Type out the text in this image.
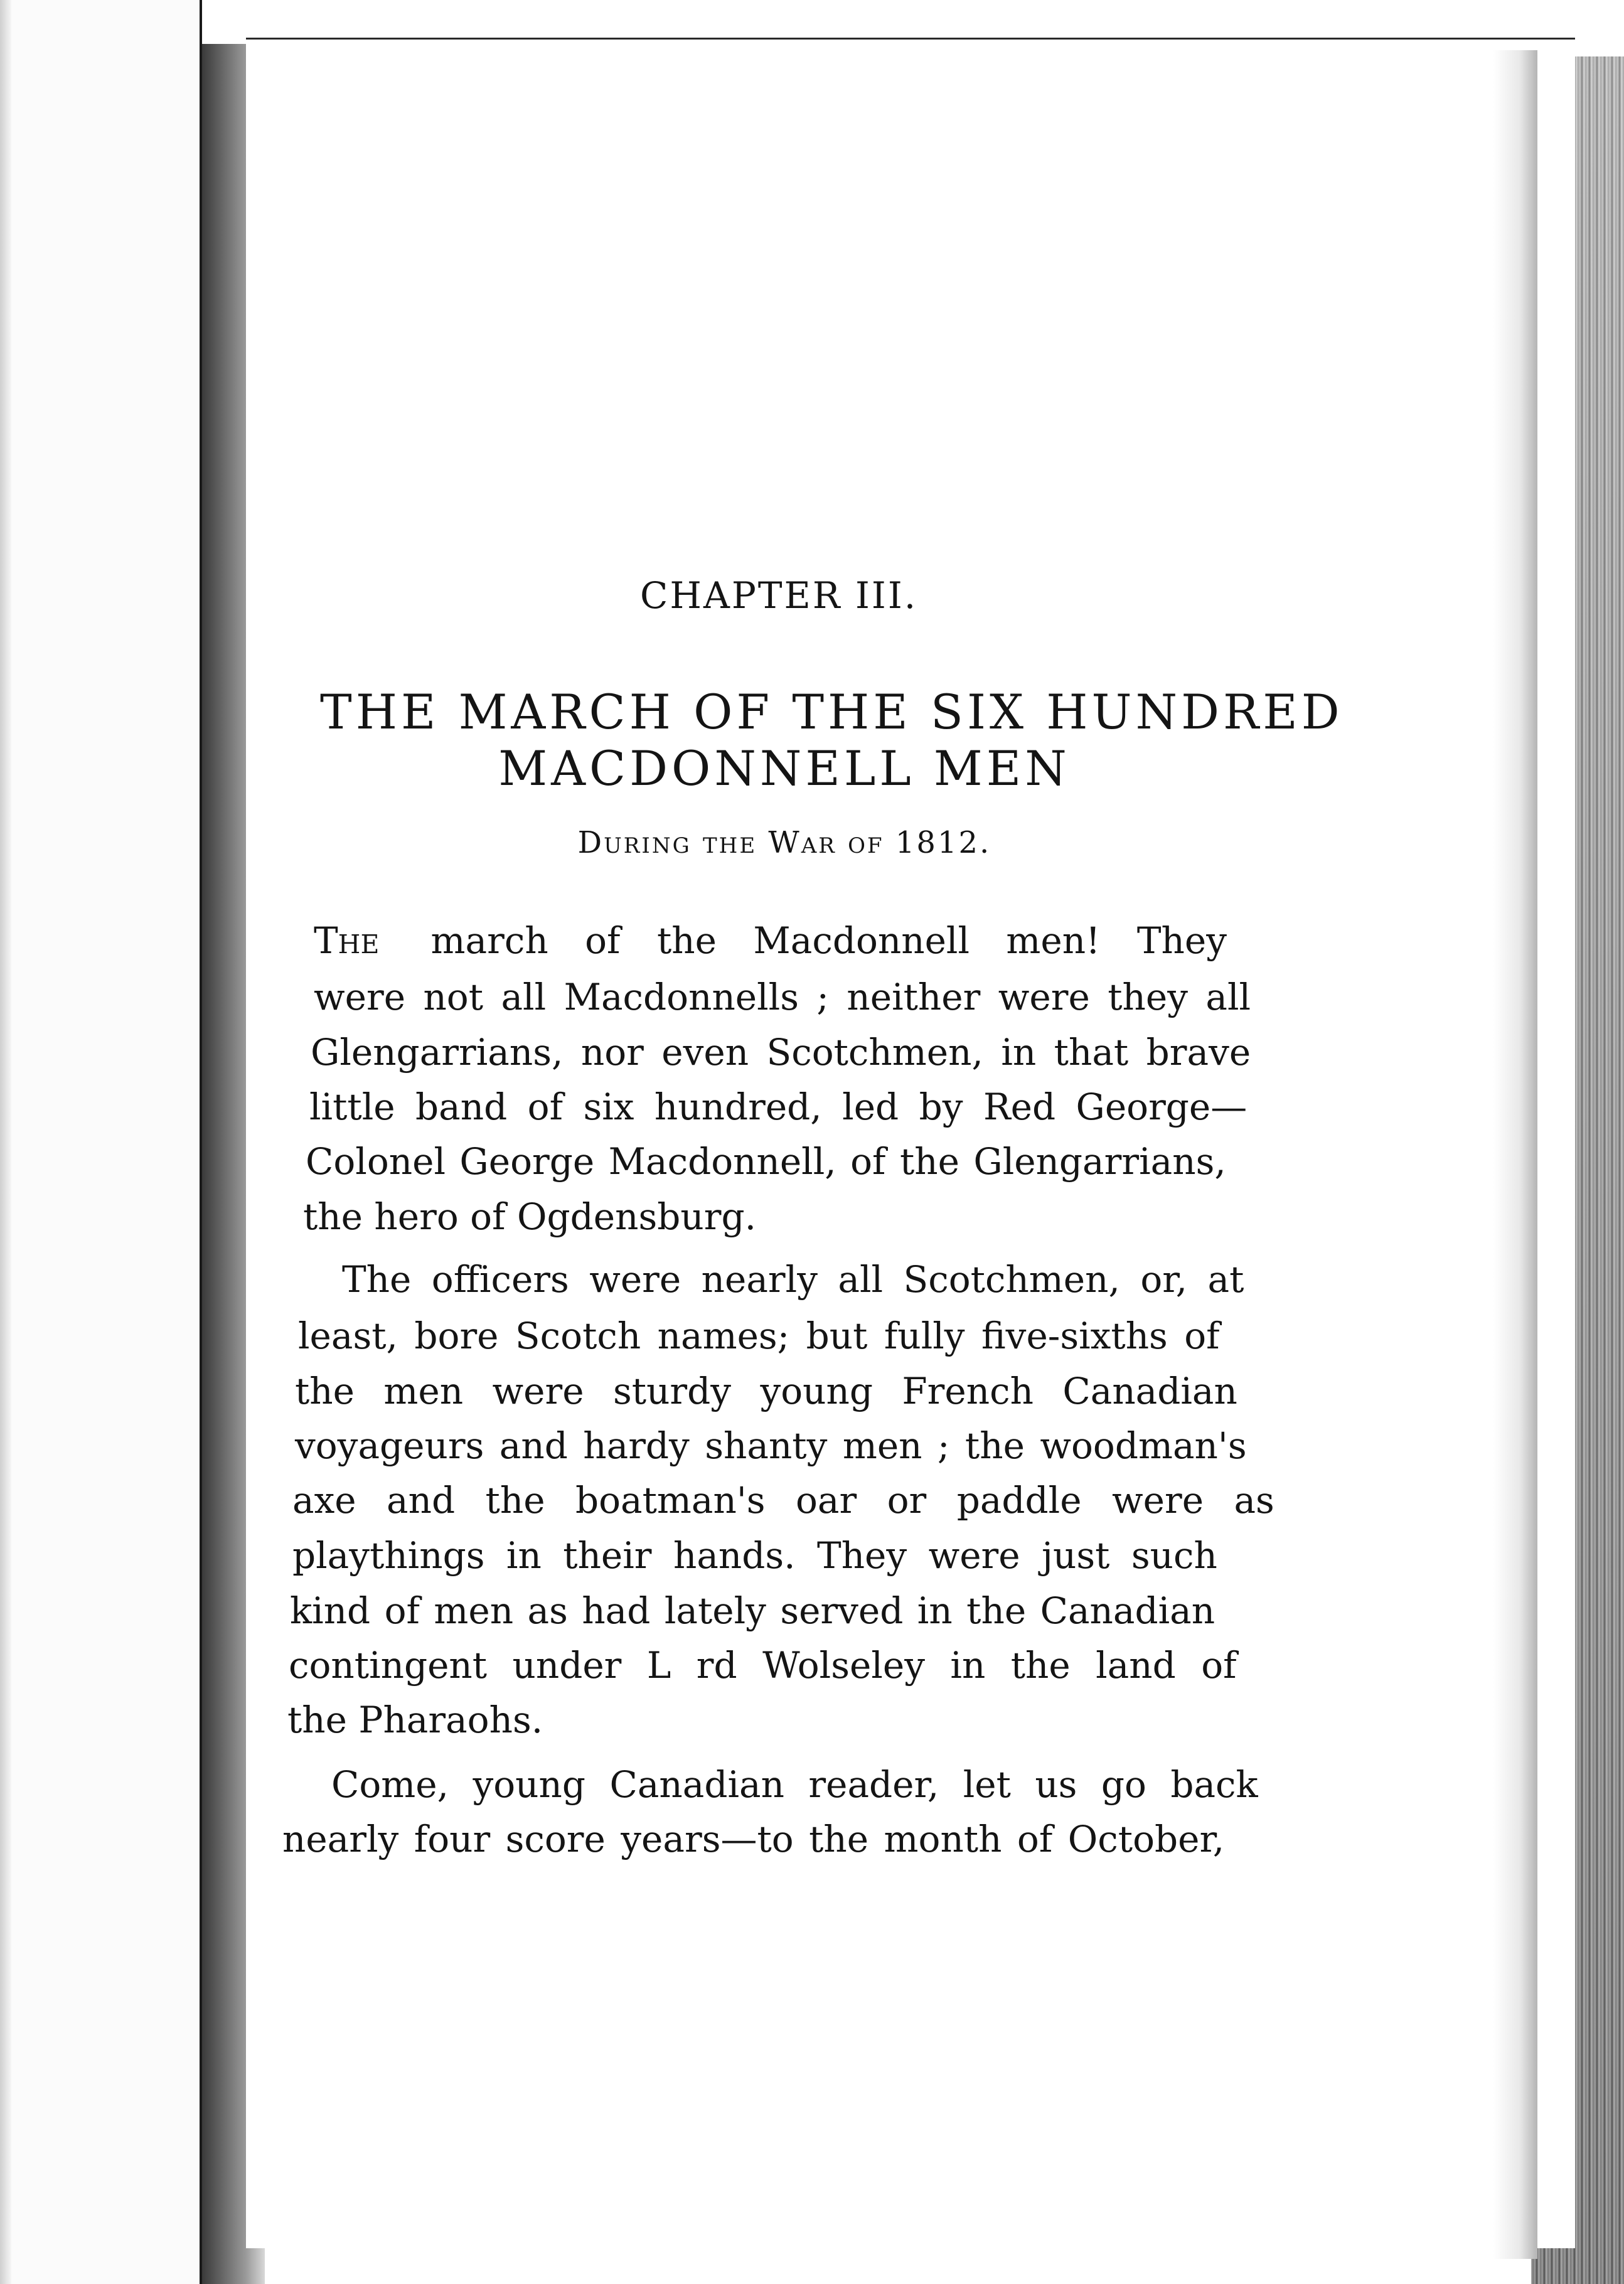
CHAPTER III.
THE MARCH OF THE SIX HUNDRED
MACDONNELL MEN
During the War of 1812.
The march of the Macdonnell men! They
were not all Macdonnells ; neither were they all
Glengarrians, nor even Scotchmen, in that brave
little band of six hundred, led by Red George—
Colonel George Macdonnell, of the Glengarrians,
the hero of Ogdensburg.
The officers were nearly all Scotchmen, or, at
least, bore Scotch names; but fully five-sixths of
the men were sturdy young French Canadian
voyageurs and hardy shanty men ; the woodman's
axe and the boatman's oar or paddle were as
playthings in their hands. They were just such
kind of men as had lately served in the Canadian
contingent under L rd Wolseley in the land of
the Pharaohs.
Come, young Canadian reader, let us go back
nearly four score years—to the month of October,
